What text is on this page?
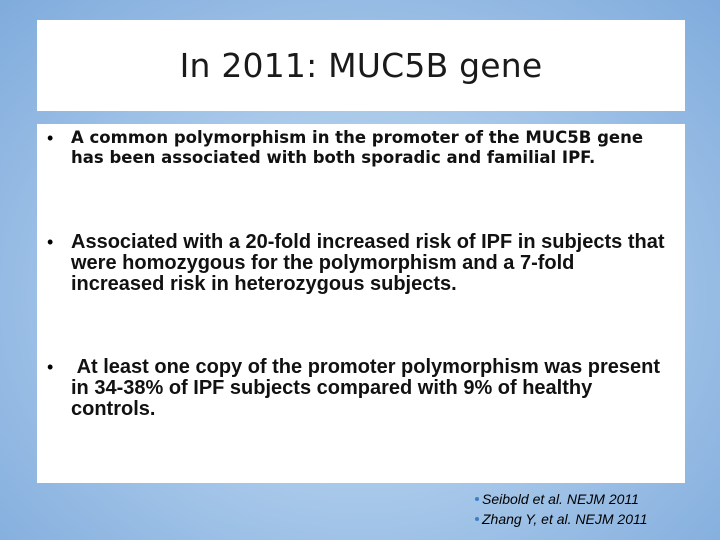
In 2011: MUC5B gene
•	A common polymorphism in the promoter of the MUC5B gene has been associated with both sporadic and familial IPF.
• Associated with a 20-fold increased risk of IPF in subjects that were homozygous for the polymorphism and a 7-fold increased risk in heterozygous subjects.
• At least one copy of the promoter polymorphism was present in 34-38% of IPF subjects compared with 9% of healthy controls.
Seibold et al. NEJM 2011
Zhang Y, et al. NEJM 2011
